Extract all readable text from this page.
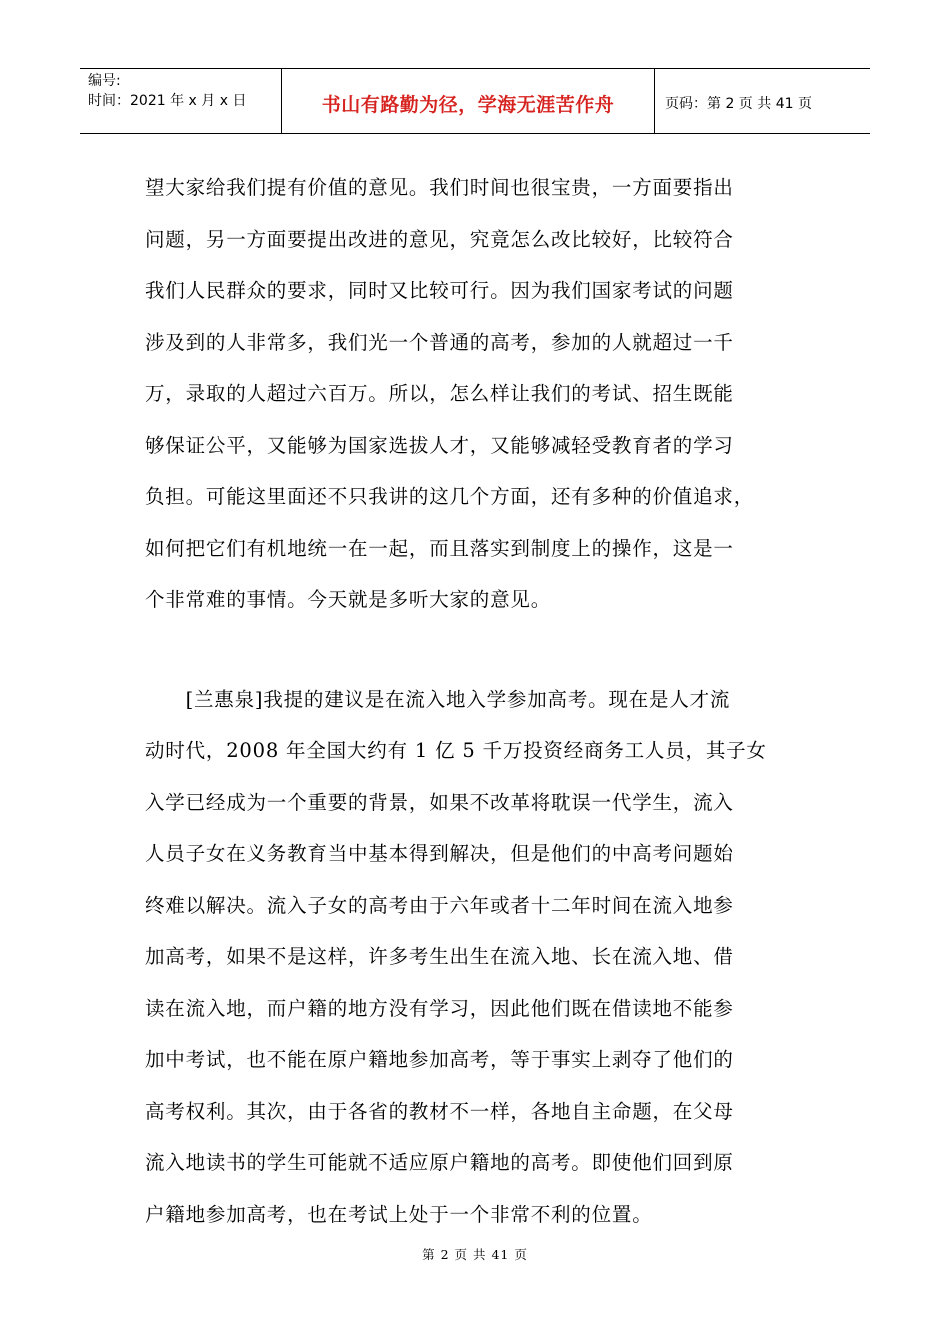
编号:
时间：2021 年 x 月 x 日	书山有路勤为径，学海无涯苦作舟	页码：第 2 页 共 41 页
望大家给我们提有价值的意见。我们时间也很宝贵，一方面要指出
问题，另一方面要提出改进的意见，究竟怎么改比较好，比较符合
我们人民群众的要求，同时又比较可行。因为我们国家考试的问题
涉及到的人非常多，我们光一个普通的高考，参加的人就超过一千
万，录取的人超过六百万。所以，怎么样让我们的考试、招生既能
够保证公平，又能够为国家选拔人才，又能够减轻受教育者的学习
负担。可能这里面还不只我讲的这几个方面，还有多种的价值追求，
如何把它们有机地统一在一起，而且落实到制度上的操作，这是一
个非常难的事情。今天就是多听大家的意见。
　　[兰惠泉]我提的建议是在流入地入学参加高考。现在是人才流
动时代，2008 年全国大约有 1 亿 5 千万投资经商务工人员，其子女
入学已经成为一个重要的背景，如果不改革将耽误一代学生，流入
人员子女在义务教育当中基本得到解决，但是他们的中高考问题始
终难以解决。流入子女的高考由于六年或者十二年时间在流入地参
加高考，如果不是这样，许多考生出生在流入地、长在流入地、借
读在流入地，而户籍的地方没有学习，因此他们既在借读地不能参
加中考试，也不能在原户籍地参加高考，等于事实上剥夺了他们的
高考权利。其次，由于各省的教材不一样，各地自主命题，在父母
流入地读书的学生可能就不适应原户籍地的高考。即使他们回到原
户籍地参加高考，也在考试上处于一个非常不利的位置。
第 2 页 共 41 页
